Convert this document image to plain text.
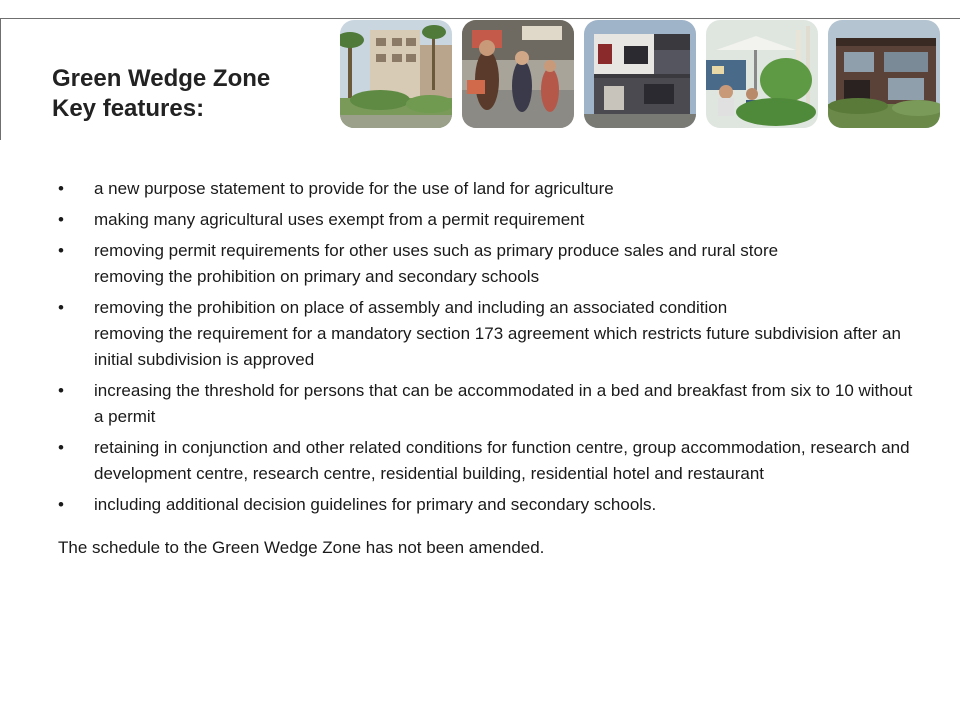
Green Wedge Zone
Key features:
• a new purpose statement to provide for the use of land for agriculture
• making many agricultural uses exempt from a permit requirement
• removing permit requirements for other uses such as primary produce sales and rural store
removing the prohibition on primary and secondary schools
• removing the prohibition on place of assembly and including an associated condition
removing the requirement for a mandatory section 173 agreement which restricts future subdivision after an initial subdivision is approved
• increasing the threshold for persons that can be accommodated in a bed and breakfast from six to 10 without a permit
• retaining in conjunction and other related conditions for function centre, group accommodation, research and development centre, research centre, residential building, residential hotel and restaurant
• including additional decision guidelines for primary and secondary schools.
The schedule to the Green Wedge Zone has not been amended.
